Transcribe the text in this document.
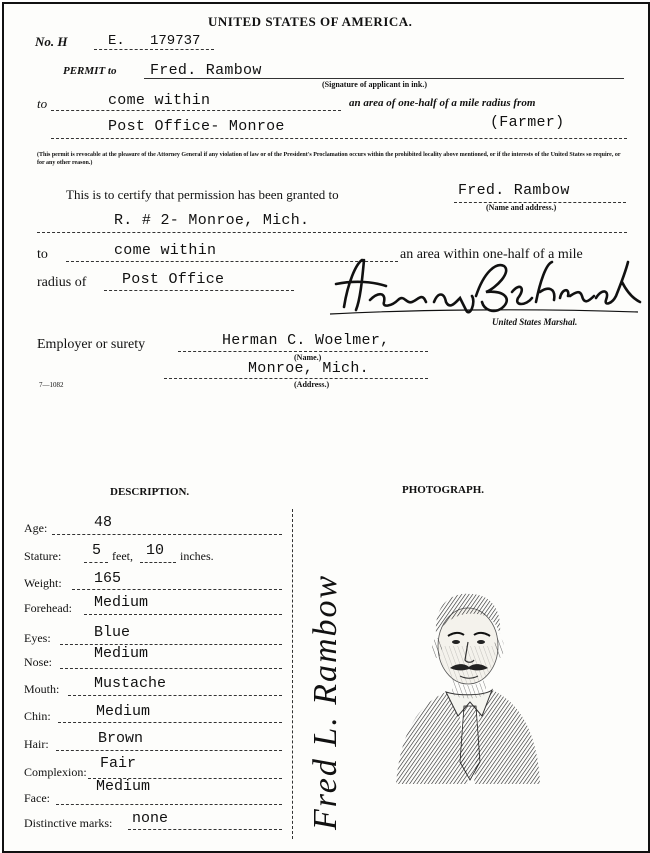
UNITED STATES OF AMERICA.
No. H	E. 179737
PERMIT to Fred. Rambow
(Signature of applicant in ink.)
to	come within	an area of one-half of a mile radius from
Post Office- Monroe	(Farmer)
(This permit is revocable at the pleasure of the Attorney General if any violation of law or of the President's Proclamation occurs within the prohibited locality above mentioned, or if the interests of the United States so require, or for any other reason.)
This is to certify that permission has been granted to	Fred. Rambow
(Name and address.)
R. # 2- Monroe, Mich.
to	come within	an area within one-half of a mile
radius of Post Office
United States Marshal.
Employer or surety	Herman C. Woelmer,
(Name.)
Monroe, Mich.
(Address.)
7—1082
DESCRIPTION.	PHOTOGRAPH.
Age:	48
Stature: 5 feet, 10 inches.
Weight: 165
Forehead: Medium
Eyes:	Blue
Nose:	Medium
Mouth: Mustache
Chin:	Medium
Hair:	Brown
Complexion: Fair
Face:
Medium
Distinctive marks: none	Fred L. Rambow
